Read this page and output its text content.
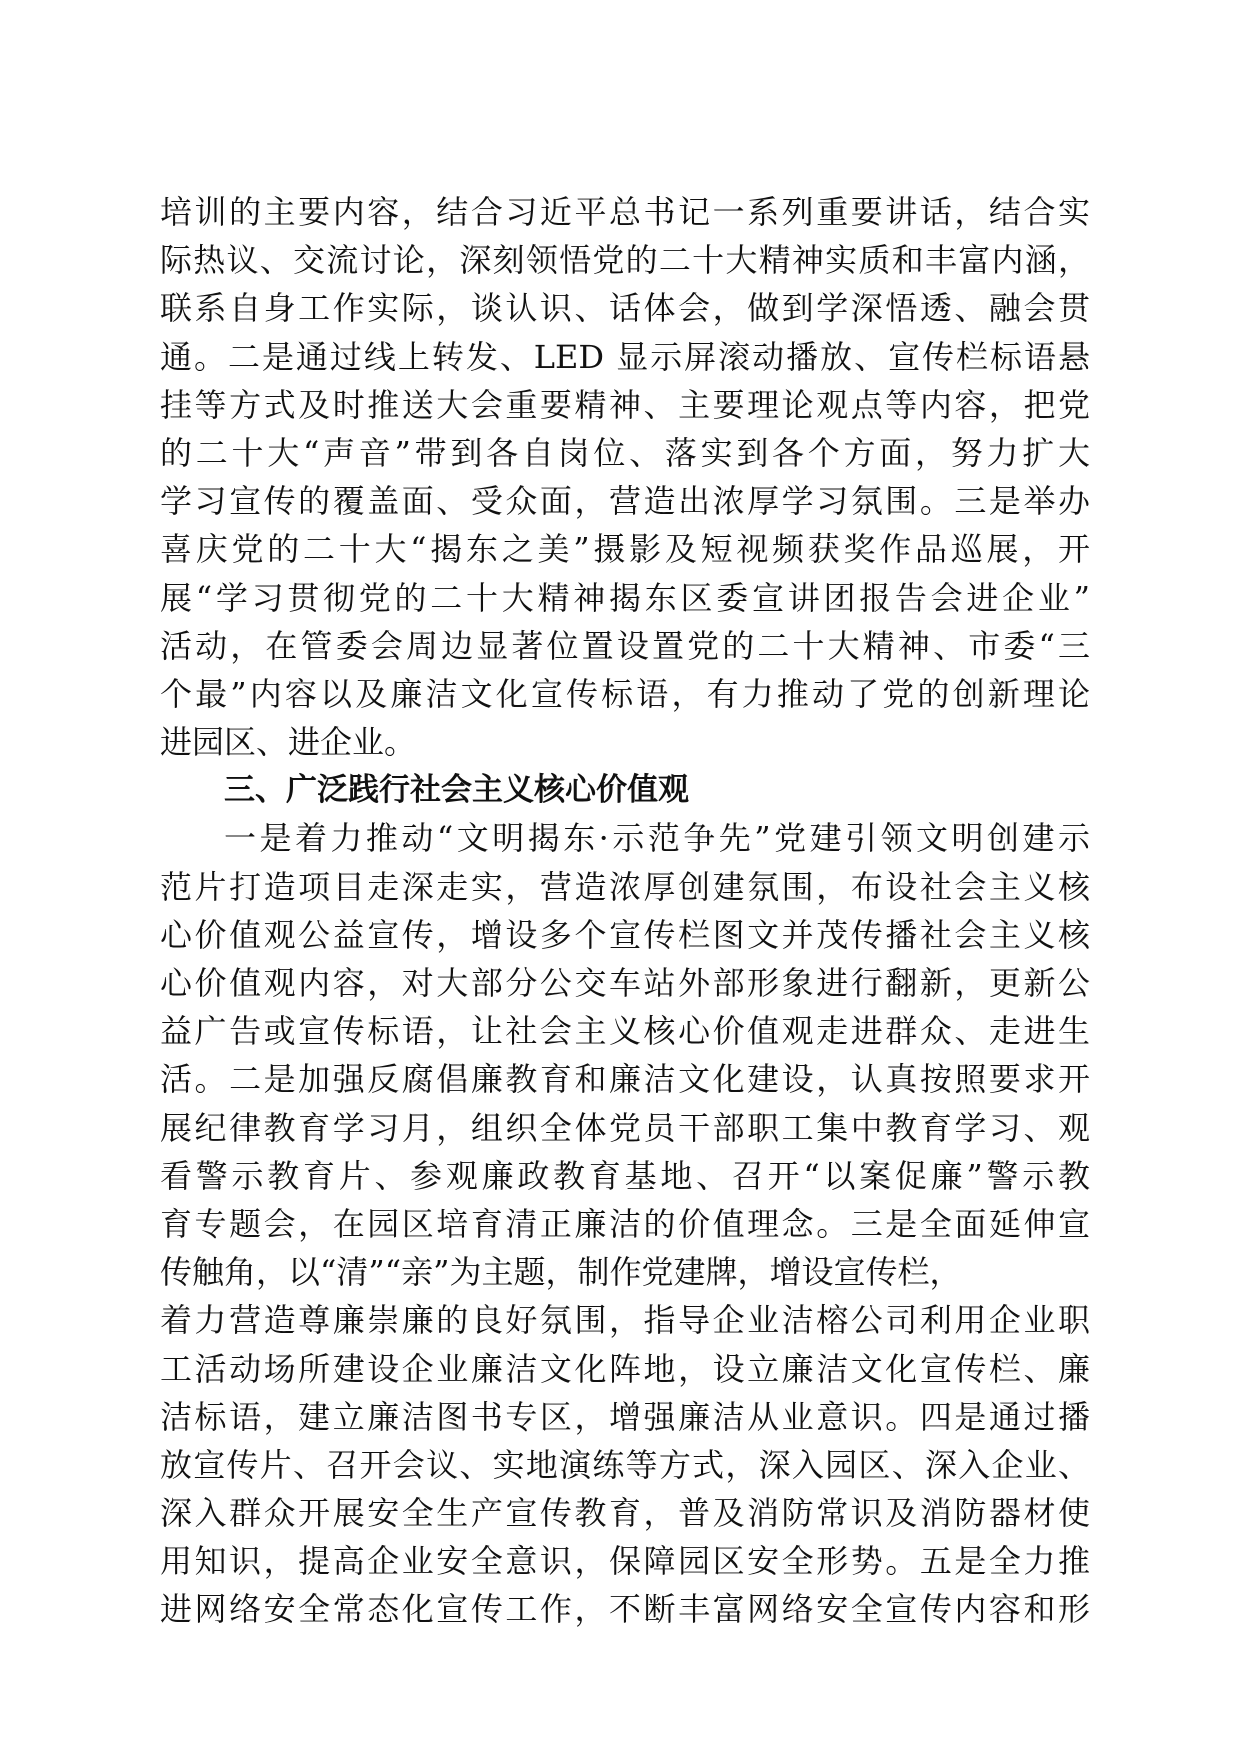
培训的主要内容，结合习近平总书记一系列重要讲话，结合实
际热议、交流讨论，深刻领悟党的二十大精神实质和丰富内涵，
联系自身工作实际，谈认识、话体会，做到学深悟透、融会贯
通。二是通过线上转发、LED 显示屏滚动播放、宣传栏标语悬
挂等方式及时推送大会重要精神、主要理论观点等内容，把党
的二十大“声音”带到各自岗位、落实到各个方面，努力扩大
学习宣传的覆盖面、受众面，营造出浓厚学习氛围。三是举办
喜庆党的二十大“揭东之美”摄影及短视频获奖作品巡展，开
展“学习贯彻党的二十大精神揭东区委宣讲团报告会进企业”
活动，在管委会周边显著位置设置党的二十大精神、市委“三
个最”内容以及廉洁文化宣传标语，有力推动了党的创新理论
进园区、进企业。
三、广泛践行社会主义核心价值观
一是着力推动“文明揭东·示范争先”党建引领文明创建示
范片打造项目走深走实，营造浓厚创建氛围，布设社会主义核
心价值观公益宣传，增设多个宣传栏图文并茂传播社会主义核
心价值观内容，对大部分公交车站外部形象进行翻新，更新公
益广告或宣传标语，让社会主义核心价值观走进群众、走进生
活。二是加强反腐倡廉教育和廉洁文化建设，认真按照要求开
展纪律教育学习月，组织全体党员干部职工集中教育学习、观
看警示教育片、参观廉政教育基地、召开“以案促廉”警示教
育专题会，在园区培育清正廉洁的价值理念。三是全面延伸宣
传触角，以“清”“亲”为主题，制作党建牌，增设宣传栏，
着力营造尊廉崇廉的良好氛围，指导企业洁榕公司利用企业职
工活动场所建设企业廉洁文化阵地，设立廉洁文化宣传栏、廉
洁标语，建立廉洁图书专区，增强廉洁从业意识。四是通过播
放宣传片、召开会议、实地演练等方式，深入园区、深入企业、
深入群众开展安全生产宣传教育，普及消防常识及消防器材使
用知识，提高企业安全意识，保障园区安全形势。五是全力推
进网络安全常态化宣传工作，不断丰富网络安全宣传内容和形
